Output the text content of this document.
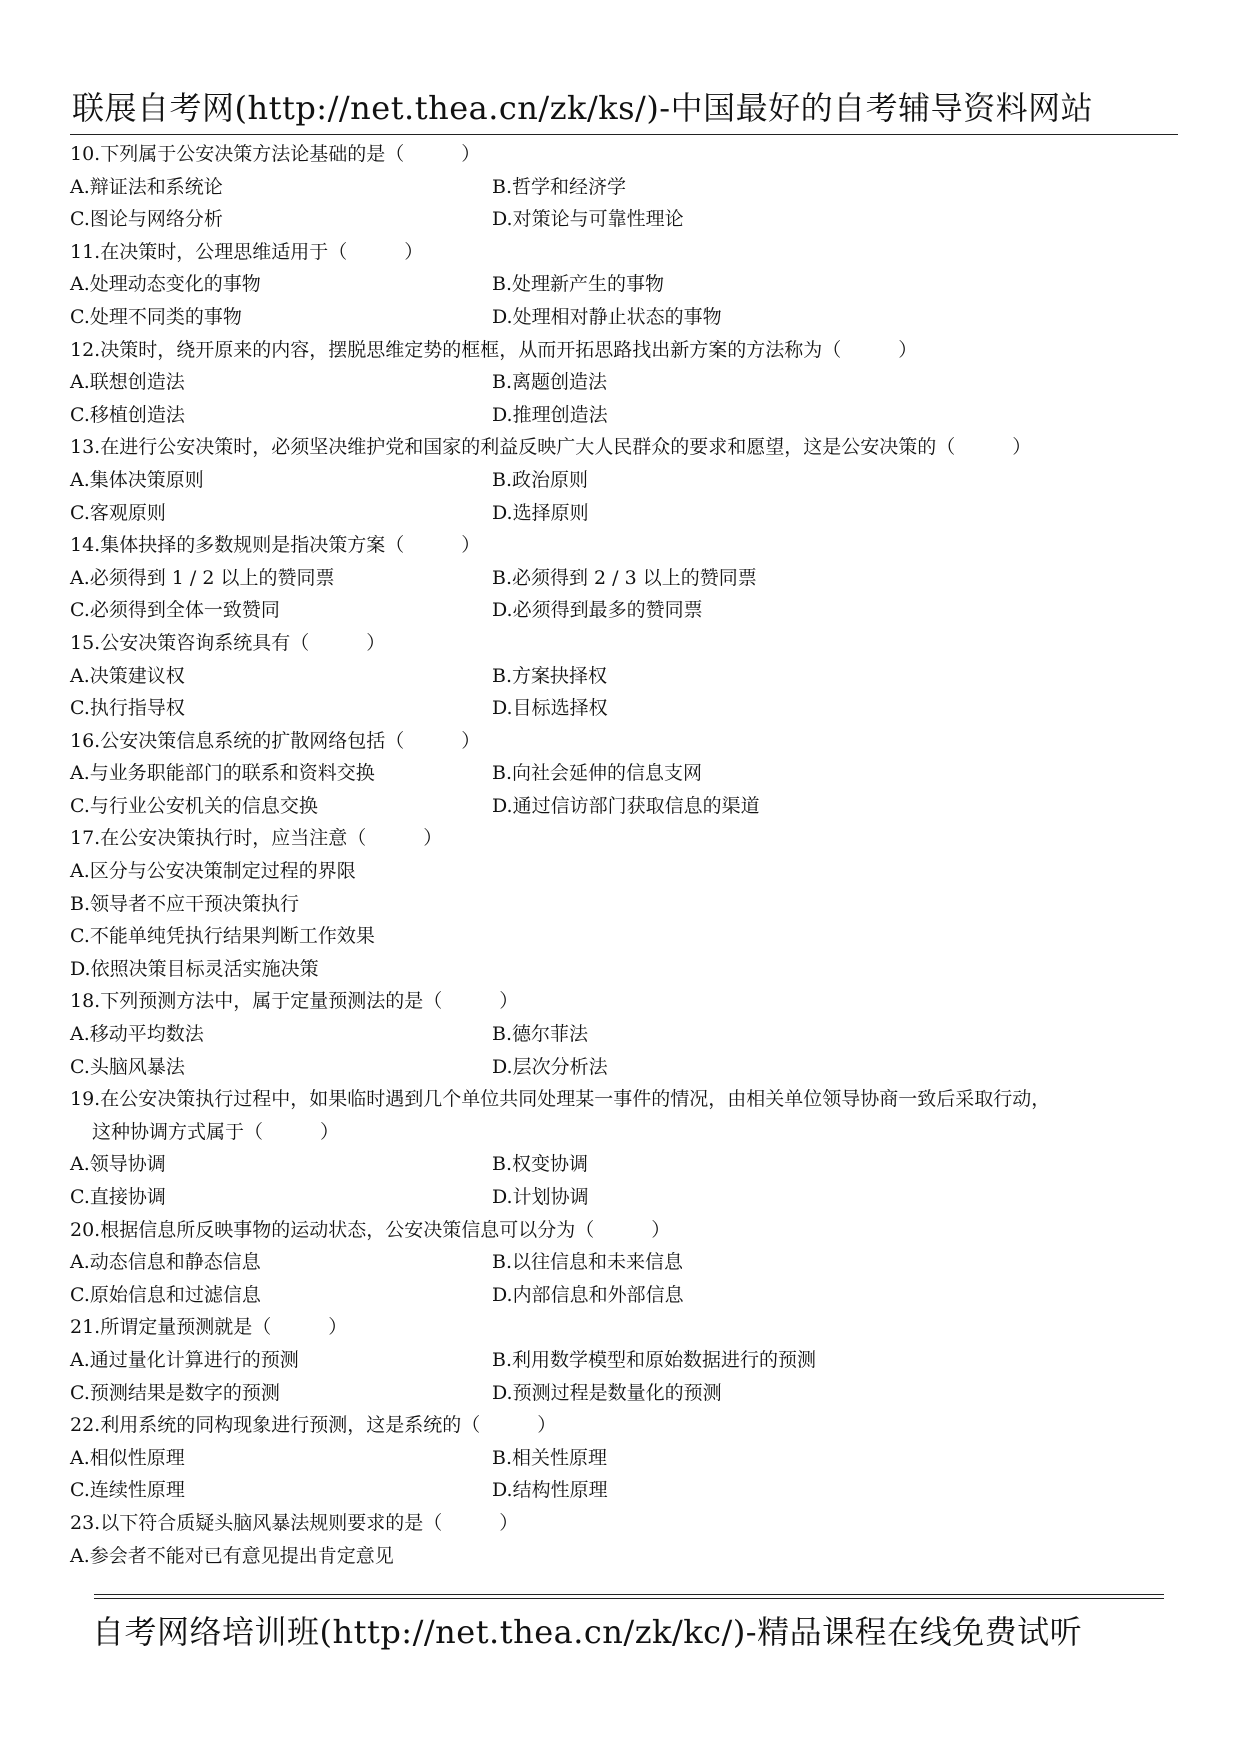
联展自考网(http://net.thea.cn/zk/ks/)-中国最好的自考辅导资料网站
10.下列属于公安决策方法论基础的是（　　　）
A.辩证法和系统论	B.哲学和经济学
C.图论与网络分析	D.对策论与可靠性理论
11.在决策时，公理思维适用于（　　　）
A.处理动态变化的事物	B.处理新产生的事物
C.处理不同类的事物	D.处理相对静止状态的事物
12.决策时，绕开原来的内容，摆脱思维定势的框框，从而开拓思路找出新方案的方法称为（　　　）
A.联想创造法	B.离题创造法
C.移植创造法	D.推理创造法
13.在进行公安决策时，必须坚决维护党和国家的利益反映广大人民群众的要求和愿望，这是公安决策的（　　　）
A.集体决策原则	B.政治原则
C.客观原则	D.选择原则
14.集体抉择的多数规则是指决策方案（　　　）
A.必须得到 1 / 2 以上的赞同票	B.必须得到 2 / 3 以上的赞同票
C.必须得到全体一致赞同	D.必须得到最多的赞同票
15.公安决策咨询系统具有（　　　）
A.决策建议权	B.方案抉择权
C.执行指导权	D.目标选择权
16.公安决策信息系统的扩散网络包括（　　　）
A.与业务职能部门的联系和资料交换	B.向社会延伸的信息支网
C.与行业公安机关的信息交换	D.通过信访部门获取信息的渠道
17.在公安决策执行时，应当注意（　　　）
A.区分与公安决策制定过程的界限
B.领导者不应干预决策执行
C.不能单纯凭执行结果判断工作效果
D.依照决策目标灵活实施决策
18.下列预测方法中，属于定量预测法的是（　　　）
A.移动平均数法	B.德尔菲法
C.头脑风暴法	D.层次分析法
19.在公安决策执行过程中，如果临时遇到几个单位共同处理某一事件的情况，由相关单位领导协商一致后采取行动，
这种协调方式属于（　　　）
A.领导协调	B.权变协调
C.直接协调	D.计划协调
20.根据信息所反映事物的运动状态，公安决策信息可以分为（　　　）
A.动态信息和静态信息	B.以往信息和未来信息
C.原始信息和过滤信息	D.内部信息和外部信息
21.所谓定量预测就是（　　　）
A.通过量化计算进行的预测	B.利用数学模型和原始数据进行的预测
C.预测结果是数字的预测	D.预测过程是数量化的预测
22.利用系统的同构现象进行预测，这是系统的（　　　）
A.相似性原理	B.相关性原理
C.连续性原理	D.结构性原理
23.以下符合质疑头脑风暴法规则要求的是（　　　）
A.参会者不能对已有意见提出肯定意见
自考网络培训班(http://net.thea.cn/zk/kc/)-精品课程在线免费试听
